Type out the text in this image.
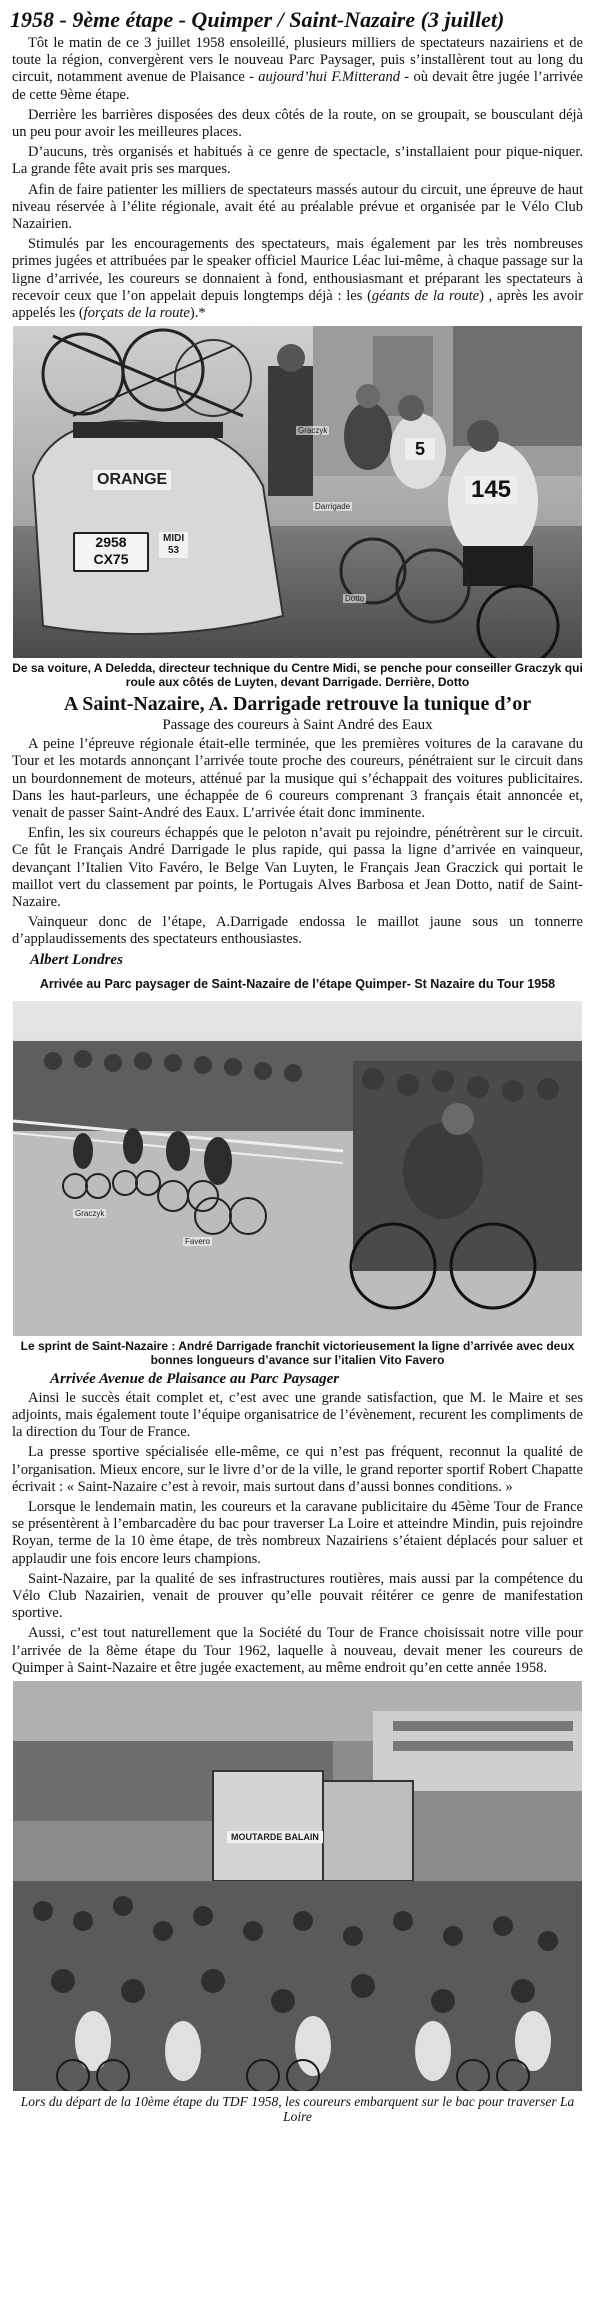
1958 - 9ème étape - Quimper / Saint-Nazaire (3 juillet)

Tôt le matin de ce 3 juillet 1958 ensoleillé, plusieurs milliers de spectateurs nazairiens et de toute la région, convergèrent vers le nouveau Parc Paysager, puis s’installèrent tout au long du circuit, notamment avenue de Plaisance - aujourd’hui F.Mitterand - où devait être jugée l’arrivée de cette 9ème étape.

Derrière les barrières disposées des deux côtés de la route, on se groupait, se bousculant déjà un peu pour avoir les meilleures places.

D’aucuns, très organisés et habitués à ce genre de spectacle, s’installaient pour pique-niquer. La grande fête avait pris ses marques.

Afin de faire patienter les milliers de spectateurs massés autour du circuit, une épreuve de haut niveau réservée à l’élite régionale, avait été au préalable prévue et organisée par le Vélo Club Nazairien.

Stimulés par les encouragements des spectateurs, mais également par les très nombreuses primes jugées et attribuées par le speaker officiel Maurice Léac lui-même, à chaque passage sur la ligne d’arrivée, les coureurs se donnaient à fond, enthousiasmant et préparant les spectateurs à recevoir ceux que l’on appelait depuis longtemps déjà : les (géants de la route) , après les avoir appelés les (forçats de la route).*

2958
CX75
ORANGE
MIDI
53
5
145
Graczyk
Darrigade
Dotto
De sa voiture, A Deledda, directeur technique du Centre Midi, se penche pour conseiller Graczyk qui roule aux côtés de Luyten, devant Darrigade. Derrière, Dotto
A Saint-Nazaire, A. Darrigade retrouve la tunique d’or
Passage des coureurs à Saint André des Eaux

A peine l’épreuve régionale était-elle terminée, que les premières voitures de la caravane du Tour et les motards annonçant l’arrivée toute proche des coureurs, pénétraient sur le circuit dans un bourdonnement de moteurs, atténué par la musique qui s’échappait des voitures publicitaires. Dans les haut-parleurs, une échappée de 6 coureurs comprenant 3 français était annoncée et, venait de passer Saint-André des Eaux. L’arrivée était donc imminente.

Enfin, les six coureurs échappés que le peloton n’avait pu rejoindre, pénétrèrent sur le circuit. Ce fût le Français André Darrigade le plus rapide, qui passa la ligne d’arrivée en vainqueur, devançant l’Italien Vito Favéro, le Belge Van Luyten, le Français Jean Graczick qui portait le maillot vert du classement par points, le Portugais Alves Barbosa et Jean Dotto, natif de Saint-Nazaire.

Vainqueur donc de l’étape, A.Darrigade endossa le maillot jaune sous un tonnerre d’applaudissements des spectateurs enthousiastes.

Albert Londres
Arrivée au Parc paysager de Saint-Nazaire de l’étape Quimper- St Nazaire du Tour 1958
Graczyk
Favero
Le sprint de Saint-Nazaire : André Darrigade franchit victorieusement la ligne d’arrivée avec deux bonnes longueurs d’avance sur l’italien Vito Favero
Arrivée Avenue de Plaisance au Parc Paysager

Ainsi le succès était complet et, c’est avec une grande satisfaction, que M. le Maire et ses adjoints, mais également toute l’équipe organisatrice de l’évènement, recurent les compliments de la direction du Tour de France.

La presse sportive spécialisée elle-même, ce qui n’est pas fréquent, reconnut la qualité de l’organisation. Mieux encore, sur le livre d’or de la ville, le grand reporter sportif Robert Chapatte écrivait : « Saint-Nazaire c’est à revoir, mais surtout dans d’aussi bonnes conditions. »

Lorsque le lendemain matin, les coureurs et la caravane publicitaire du 45ème Tour de France se présentèrent à l’embarcadère du bac pour traverser La Loire et atteindre Mindin, puis rejoindre Royan, terme de la 10 ème étape, de très nombreux Nazairiens s’étaient déplacés pour saluer et applaudir une fois encore leurs champions.

Saint-Nazaire, par la qualité de ses infrastructures routières, mais aussi par la compétence du Vélo Club Nazairien, venait de prouver qu’elle pouvait réitérer ce genre de manifestation sportive.

Aussi, c’est tout naturellement que la Société du Tour de France choisissait notre ville pour l’arrivée de la 8ème étape du Tour 1962, laquelle à nouveau, devait mener les coureurs de Quimper à Saint-Nazaire et être jugée exactement, au même endroit qu’en cette année 1958.

MOUTARDE BALAIN
Lors du départ de la 10ème étape du TDF 1958, les coureurs embarquent sur le bac pour traverser La Loire
